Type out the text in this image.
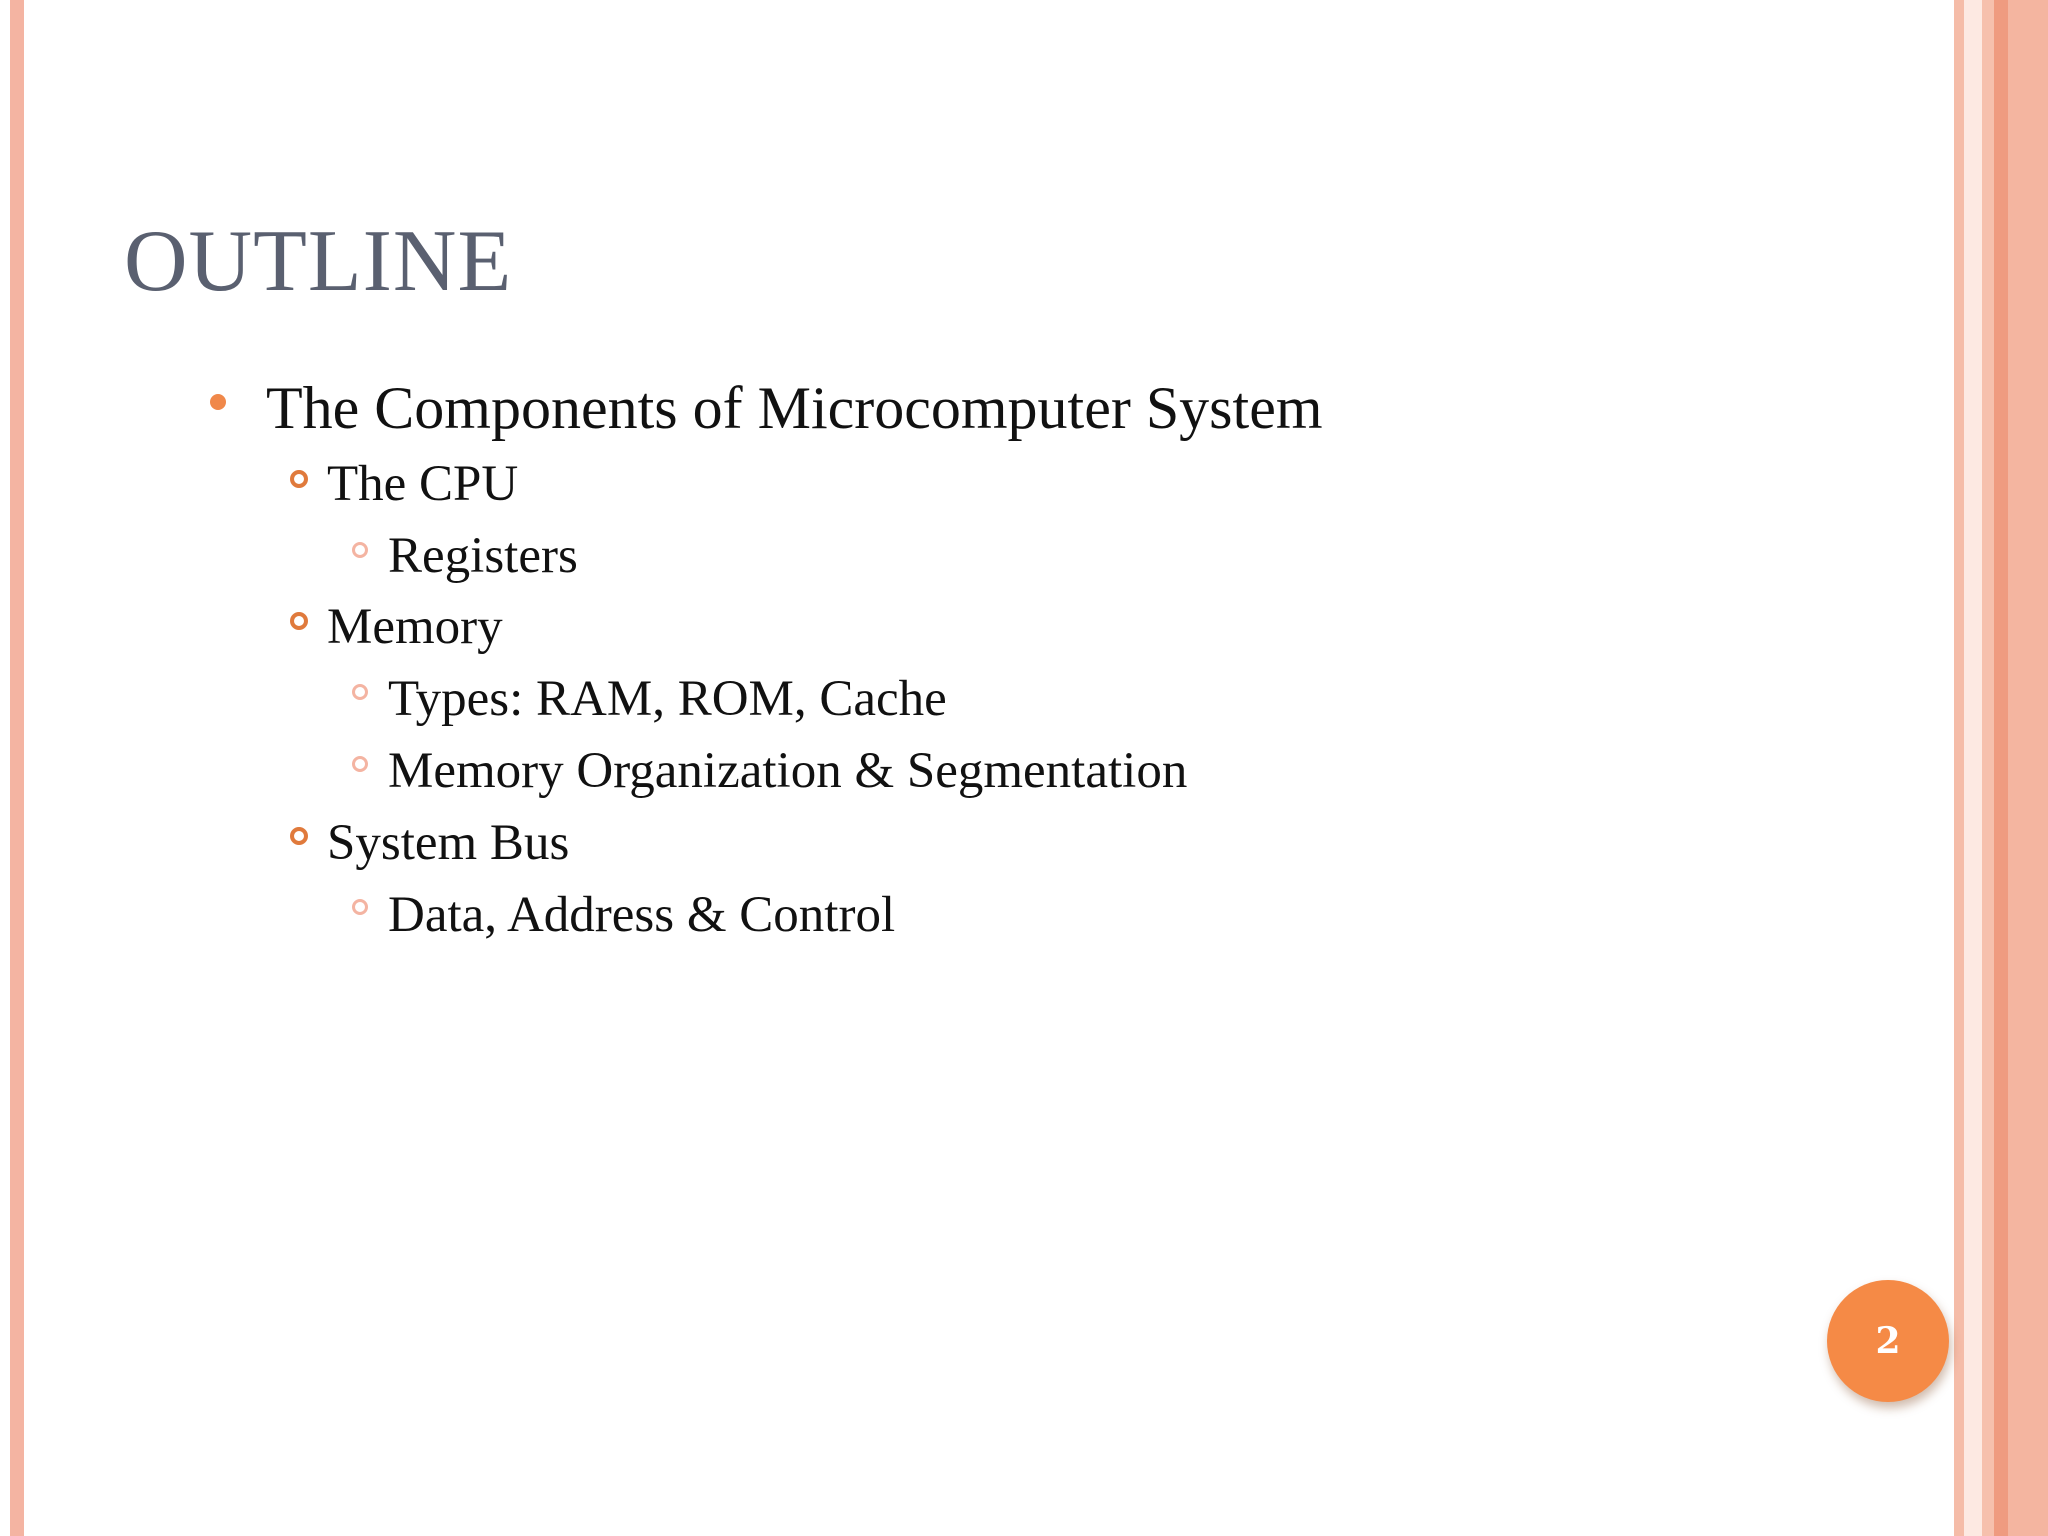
OUTLINE
The Components of Microcomputer System
The CPU
Registers
Memory
Types: RAM, ROM, Cache
Memory Organization & Segmentation
System Bus
Data, Address & Control
2
